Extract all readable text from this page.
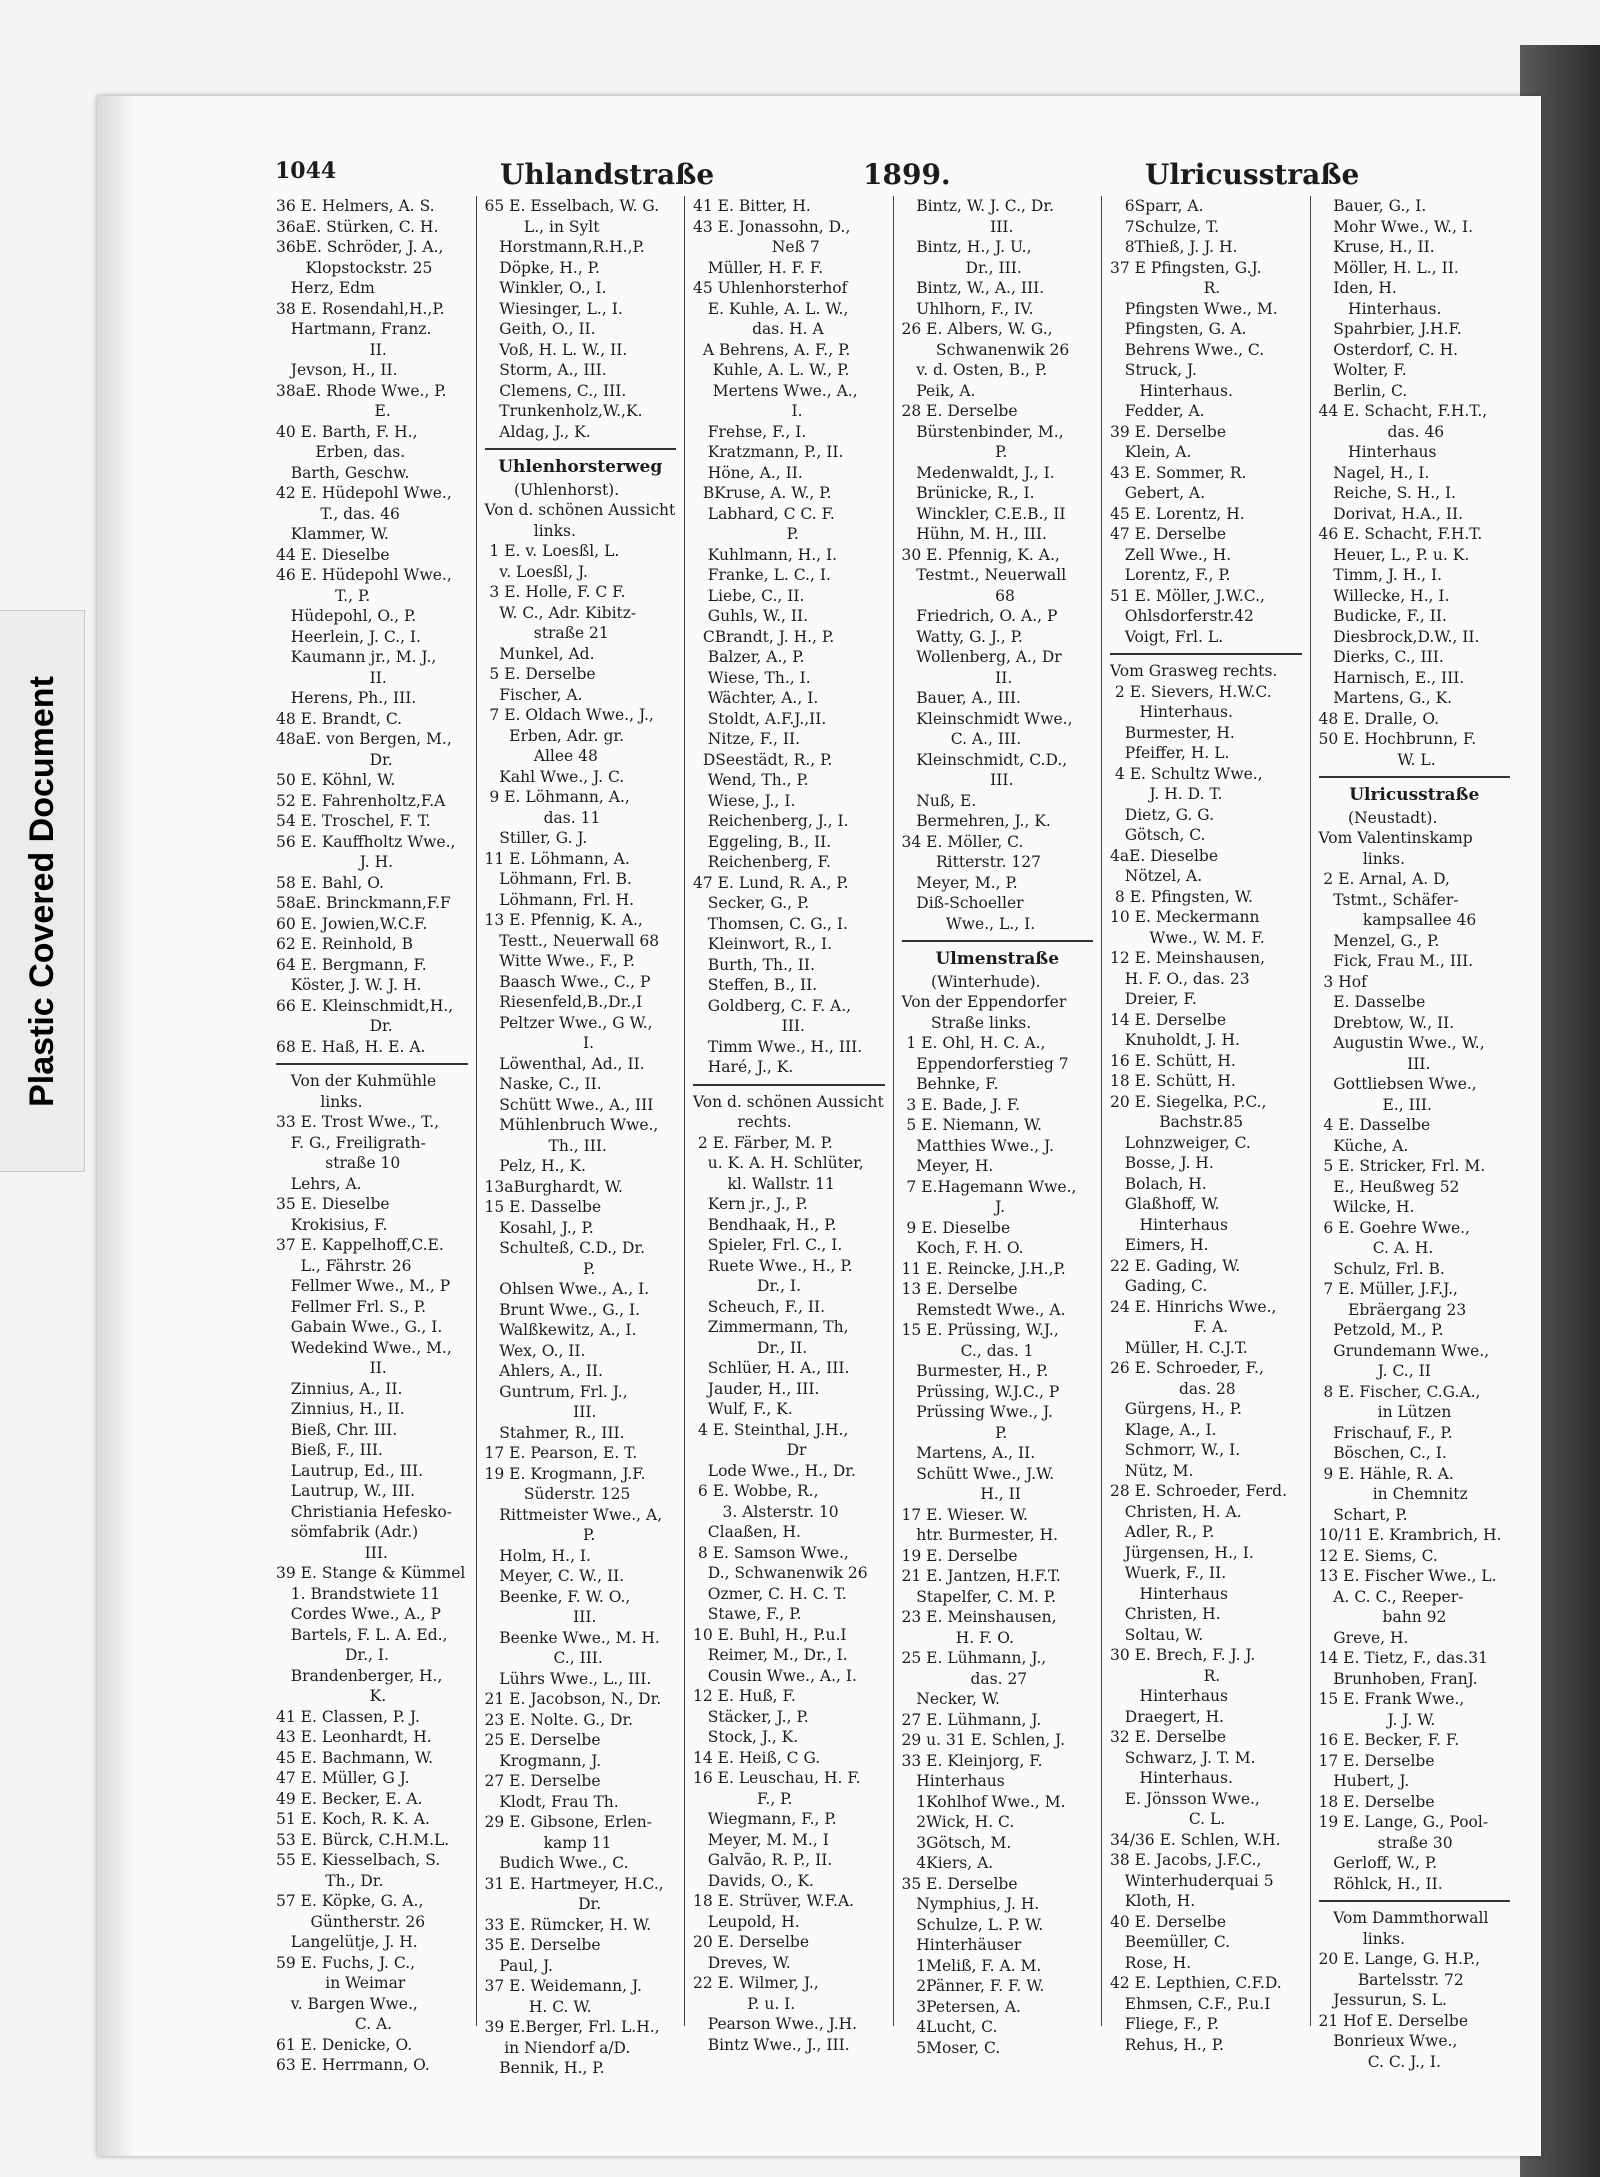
Plastic Covered Document
1044	Uhlandstraße	1899.	Ulricusstraße
36 E. Helmers, A. S.
36aE. Stürken, C. H.
36bE. Schröder, J. A.,
Klopstockstr. 25
Herz, Edm
38 E. Rosendahl,H.,P.
Hartmann, Franz.
II.
Jevson, H., II.
38aE. Rhode Wwe., P.
E.
40 E. Barth, F. H.,
Erben, das.
Barth, Geschw.
42 E. Hüdepohl Wwe.,
T., das. 46
Klammer, W.
44 E. Dieselbe
46 E. Hüdepohl Wwe.,
T., P.
Hüdepohl, O., P.
Heerlein, J. C., I.
Kaumann jr., M. J.,
II.
Herens, Ph., III.
48 E. Brandt, C.
48aE. von Bergen, M.,
Dr.
50 E. Köhnl, W.
52 E. Fahrenholtz,F.A
54 E. Troschel, F. T.
56 E. Kauffholtz Wwe.,
J. H.
58 E. Bahl, O.
58aE. Brinckmann,F.F
60 E. Jowien,W.C.F.
62 E. Reinhold, B
64 E. Bergmann, F.
Köster, J. W. J. H.
66 E. Kleinschmidt,H.,
Dr.
68 E. Haß, H. E. A.
Von der Kuhmühle
links.
33 E. Trost Wwe., T.,
F. G., Freiligrath-
straße 10
Lehrs, A.
35 E. Dieselbe
Krokisius, F.
37 E. Kappelhoff,C.E.
L., Fährstr. 26
Fellmer Wwe., M., P
Fellmer Frl. S., P.
Gabain Wwe., G., I.
Wedekind Wwe., M.,
II.
Zinnius, A., II.
Zinnius, H., II.
Bieß, Chr. III.
Bieß, F., III.
Lautrup, Ed., III.
Lautrup, W., III.
Christiania Hefesko-
sömfabrik (Adr.)
III.
39 E. Stange & Kümmel
1. Brandstwiete 11
Cordes Wwe., A., P
Bartels, F. L. A. Ed.,
Dr., I.
Brandenberger, H.,
K.
41 E. Classen, P. J.
43 E. Leonhardt, H.
45 E. Bachmann, W.
47 E. Müller, G J.
49 E. Becker, E. A.
51 E. Koch, R. K. A.
53 E. Bürck, C.H.M.L.
55 E. Kiesselbach, S.
Th., Dr.
57 E. Köpke, G. A.,
Güntherstr. 26
Langelütje, J. H.
59 E. Fuchs, J. C.,
in Weimar
v. Bargen Wwe.,
C. A.
61 E. Denicke, O.
63 E. Herrmann, O.
65 E. Esselbach, W. G.
L., in Sylt
Horstmann,R.H.,P.
Döpke, H., P.
Winkler, O., I.
Wiesinger, L., I.
Geith, O., II.
Voß, H. L. W., II.
Storm, A., III.
Clemens, C., III.
Trunkenholz,W.,K.
Aldag, J., K.
Uhlenhorsterweg
(Uhlenhorst).
Von d. schönen Aussicht
links.
1 E. v. Loesßl, L.
v. Loesßl, J.
3 E. Holle, F. C F.
W. C., Adr. Kibitz-
straße 21
Munkel, Ad.
5 E. Derselbe
Fischer, A.
7 E. Oldach Wwe., J.,
Erben, Adr. gr.
Allee 48
Kahl Wwe., J. C.
9 E. Löhmann, A.,
das. 11
Stiller, G. J.
11 E. Löhmann, A.
Löhmann, Frl. B.
Löhmann, Frl. H.
13 E. Pfennig, K. A.,
Testt., Neuerwall 68
Witte Wwe., F., P.
Baasch Wwe., C., P
Riesenfeld,B.,Dr.,I
Peltzer Wwe., G W.,
I.
Löwenthal, Ad., II.
Naske, C., II.
Schütt Wwe., A., III
Mühlenbruch Wwe.,
Th., III.
Pelz, H., K.
13aBurghardt, W.
15 E. Dasselbe
Kosahl, J., P.
Schulteß, C.D., Dr.
P.
Ohlsen Wwe., A., I.
Brunt Wwe., G., I.
Walßkewitz, A., I.
Wex, O., II.
Ahlers, A., II.
Guntrum, Frl. J.,
III.
Stahmer, R., III.
17 E. Pearson, E. T.
19 E. Krogmann, J.F.
Süderstr. 125
Rittmeister Wwe., A,
P.
Holm, H., I.
Meyer, C. W., II.
Beenke, F. W. O.,
III.
Beenke Wwe., M. H.
C., III.
Lührs Wwe., L., III.
21 E. Jacobson, N., Dr.
23 E. Nolte. G., Dr.
25 E. Derselbe
Krogmann, J.
27 E. Derselbe
Klodt, Frau Th.
29 E. Gibsone, Erlen-
kamp 11
Budich Wwe., C.
31 E. Hartmeyer, H.C.,
Dr.
33 E. Rümcker, H. W.
35 E. Derselbe
Paul, J.
37 E. Weidemann, J.
H. C. W.
39 E.Berger, Frl. L.H.,
in Niendorf a/D.
Bennik, H., P.
41 E. Bitter, H.
43 E. Jonassohn, D.,
Neß 7
Müller, H. F. F.
45 Uhlenhorsterhof
E. Kuhle, A. L. W.,
das. H. A
A Behrens, A. F., P.
Kuhle, A. L. W., P.
Mertens Wwe., A.,
I.
Frehse, F., I.
Kratzmann, P., II.
Höne, A., II.
BKruse, A. W., P.
Labhard, C C. F.
P.
Kuhlmann, H., I.
Franke, L. C., I.
Liebe, C., II.
Guhls, W., II.
CBrandt, J. H., P.
Balzer, A., P.
Wiese, Th., I.
Wächter, A., I.
Stoldt, A.F.J.,II.
Nitze, F., II.
DSeestädt, R., P.
Wend, Th., P.
Wiese, J., I.
Reichenberg, J., I.
Eggeling, B., II.
Reichenberg, F.
47 E. Lund, R. A., P.
Secker, G., P.
Thomsen, C. G., I.
Kleinwort, R., I.
Burth, Th., II.
Steffen, B., II.
Goldberg, C. F. A.,
III.
Timm Wwe., H., III.
Haré, J., K.
Von d. schönen Aussicht
rechts.
2 E. Färber, M. P.
u. K. A. H. Schlüter,
kl. Wallstr. 11
Kern jr., J., P.
Bendhaak, H., P.
Spieler, Frl. C., I.
Ruete Wwe., H., P.
Dr., I.
Scheuch, F., II.
Zimmermann, Th,
Dr., II.
Schlüer, H. A., III.
Jauder, H., III.
Wulf, F., K.
4 E. Steinthal, J.H.,
Dr
Lode Wwe., H., Dr.
6 E. Wobbe, R.,
3. Alsterstr. 10
Claaßen, H.
8 E. Samson Wwe.,
D., Schwanenwik 26
Ozmer, C. H. C. T.
Stawe, F., P.
10 E. Buhl, H., P.u.I
Reimer, M., Dr., I.
Cousin Wwe., A., I.
12 E. Huß, F.
Stäcker, J., P.
Stock, J., K.
14 E. Heiß, C G.
16 E. Leuschau, H. F.
F., P.
Wiegmann, F., P.
Meyer, M. M., I
Galvão, R. P., II.
Davids, O., K.
18 E. Strüver, W.F.A.
Leupold, H.
20 E. Derselbe
Dreves, W.
22 E. Wilmer, J.,
P. u. I.
Pearson Wwe., J.H.
Bintz Wwe., J., III.
Bintz, W. J. C., Dr.
III.
Bintz, H., J. U.,
Dr., III.
Bintz, W., A., III.
Uhlhorn, F., IV.
26 E. Albers, W. G.,
Schwanenwik 26
v. d. Osten, B., P.
Peik, A.
28 E. Derselbe
Bürstenbinder, M.,
P.
Medenwaldt, J., I.
Brünicke, R., I.
Winckler, C.E.B., II
Hühn, M. H., III.
30 E. Pfennig, K. A.,
Testmt., Neuerwall
68
Friedrich, O. A., P
Watty, G. J., P.
Wollenberg, A., Dr
II.
Bauer, A., III.
Kleinschmidt Wwe.,
C. A., III.
Kleinschmidt, C.D.,
III.
Nuß, E.
Bermehren, J., K.
34 E. Möller, C.
Ritterstr. 127
Meyer, M., P.
Diß-Schoeller
Wwe., L., I.
Ulmenstraße
(Winterhude).
Von der Eppendorfer
Straße links.
1 E. Ohl, H. C. A.,
Eppendorferstieg 7
Behnke, F.
3 E. Bade, J. F.
5 E. Niemann, W.
Matthies Wwe., J.
Meyer, H.
7 E.Hagemann Wwe.,
J.
9 E. Dieselbe
Koch, F. H. O.
11 E. Reincke, J.H.,P.
13 E. Derselbe
Remstedt Wwe., A.
15 E. Prüssing, W.J.,
C., das. 1
Burmester, H., P.
Prüssing, W.J.C., P
Prüssing Wwe., J.
P.
Martens, A., II.
Schütt Wwe., J.W.
H., II
17 E. Wieser. W.
htr. Burmester, H.
19 E. Derselbe
21 E. Jantzen, H.F.T.
Stapelfer, C. M. P.
23 E. Meinshausen,
H. F. O.
25 E. Lühmann, J.,
das. 27
Necker, W.
27 E. Lühmann, J.
29 u. 31 E. Schlen, J.
33 E. Kleinjorg, F.
Hinterhaus
1Kohlhof Wwe., M.
2Wick, H. C.
3Götsch, M.
4Kiers, A.
35 E. Derselbe
Nymphius, J. H.
Schulze, L. P. W.
Hinterhäuser
1Meliß, F. A. M.
2Pänner, F. F. W.
3Petersen, A.
4Lucht, C.
5Moser, C.
6Sparr, A.
7Schulze, T.
8Thieß, J. J. H.
37 E Pfingsten, G.J.
R.
Pfingsten Wwe., M.
Pfingsten, G. A.
Behrens Wwe., C.
Struck, J.
Hinterhaus.
Fedder, A.
39 E. Derselbe
Klein, A.
43 E. Sommer, R.
Gebert, A.
45 E. Lorentz, H.
47 E. Derselbe
Zell Wwe., H.
Lorentz, F., P.
51 E. Möller, J.W.C.,
Ohlsdorferstr.42
Voigt, Frl. L.
Vom Grasweg rechts.
2 E. Sievers, H.W.C.
Hinterhaus.
Burmester, H.
Pfeiffer, H. L.
4 E. Schultz Wwe.,
J. H. D. T.
Dietz, G. G.
Götsch, C.
4aE. Dieselbe
Nötzel, A.
8 E. Pfingsten, W.
10 E. Meckermann
Wwe., W. M. F.
12 E. Meinshausen,
H. F. O., das. 23
Dreier, F.
14 E. Derselbe
Knuholdt, J. H.
16 E. Schütt, H.
18 E. Schütt, H.
20 E. Siegelka, P.C.,
Bachstr.85
Lohnzweiger, C.
Bosse, J. H.
Bolach, H.
Glaßhoff, W.
Hinterhaus
Eimers, H.
22 E. Gading, W.
Gading, C.
24 E. Hinrichs Wwe.,
F. A.
Müller, H. C.J.T.
26 E. Schroeder, F.,
das. 28
Gürgens, H., P.
Klage, A., I.
Schmorr, W., I.
Nütz, M.
28 E. Schroeder, Ferd.
Christen, H. A.
Adler, R., P.
Jürgensen, H., I.
Wuerk, F., II.
Hinterhaus
Christen, H.
Soltau, W.
30 E. Brech, F. J. J.
R.
Hinterhaus
Draegert, H.
32 E. Derselbe
Schwarz, J. T. M.
Hinterhaus.
E. Jönsson Wwe.,
C. L.
34/36 E. Schlen, W.H.
38 E. Jacobs, J.F.C.,
Winterhuderquai 5
Kloth, H.
40 E. Derselbe
Beemüller, C.
Rose, H.
42 E. Lepthien, C.F.D.
Ehmsen, C.F., P.u.I
Fliege, F., P.
Rehus, H., P.
Bauer, G., I.
Mohr Wwe., W., I.
Kruse, H., II.
Möller, H. L., II.
Iden, H.
Hinterhaus.
Spahrbier, J.H.F.
Osterdorf, C. H.
Wolter, F.
Berlin, C.
44 E. Schacht, F.H.T.,
das. 46
Hinterhaus
Nagel, H., I.
Reiche, S. H., I.
Dorivat, H.A., II.
46 E. Schacht, F.H.T.
Heuer, L., P. u. K.
Timm, J. H., I.
Willecke, H., I.
Budicke, F., II.
Diesbrock,D.W., II.
Dierks, C., III.
Harnisch, E., III.
Martens, G., K.
48 E. Dralle, O.
50 E. Hochbrunn, F.
W. L.
Ulricusstraße
(Neustadt).
Vom Valentinskamp
links.
2 E. Arnal, A. D,
Tstmt., Schäfer-
kampsallee 46
Menzel, G., P.
Fick, Frau M., III.
3 Hof
E. Dasselbe
Drebtow, W., II.
Augustin Wwe., W.,
III.
Gottliebsen Wwe.,
E., III.
4 E. Dasselbe
Küche, A.
5 E. Stricker, Frl. M.
E., Heußweg 52
Wilcke, H.
6 E. Goehre Wwe.,
C. A. H.
Schulz, Frl. B.
7 E. Müller, J.F.J.,
Ebräergang 23
Petzold, M., P.
Grundemann Wwe.,
J. C., II
8 E. Fischer, C.G.A.,
in Lützen
Frischauf, F., P.
Böschen, C., I.
9 E. Hähle, R. A.
in Chemnitz
Schart, P.
10/11 E. Krambrich, H.
12 E. Siems, C.
13 E. Fischer Wwe., L.
A. C. C., Reeper-
bahn 92
Greve, H.
14 E. Tietz, F., das.31
Brunhoben, FranJ.
15 E. Frank Wwe.,
J. J. W.
16 E. Becker, F. F.
17 E. Derselbe
Hubert, J.
18 E. Derselbe
19 E. Lange, G., Pool-
straße 30
Gerloff, W., P.
Röhlck, H., II.
Vom Dammthorwall
links.
20 E. Lange, G. H.P.,
Bartelsstr. 72
Jessurun, S. L.
21 Hof E. Derselbe
Bonrieux Wwe.,
C. C. J., I.
